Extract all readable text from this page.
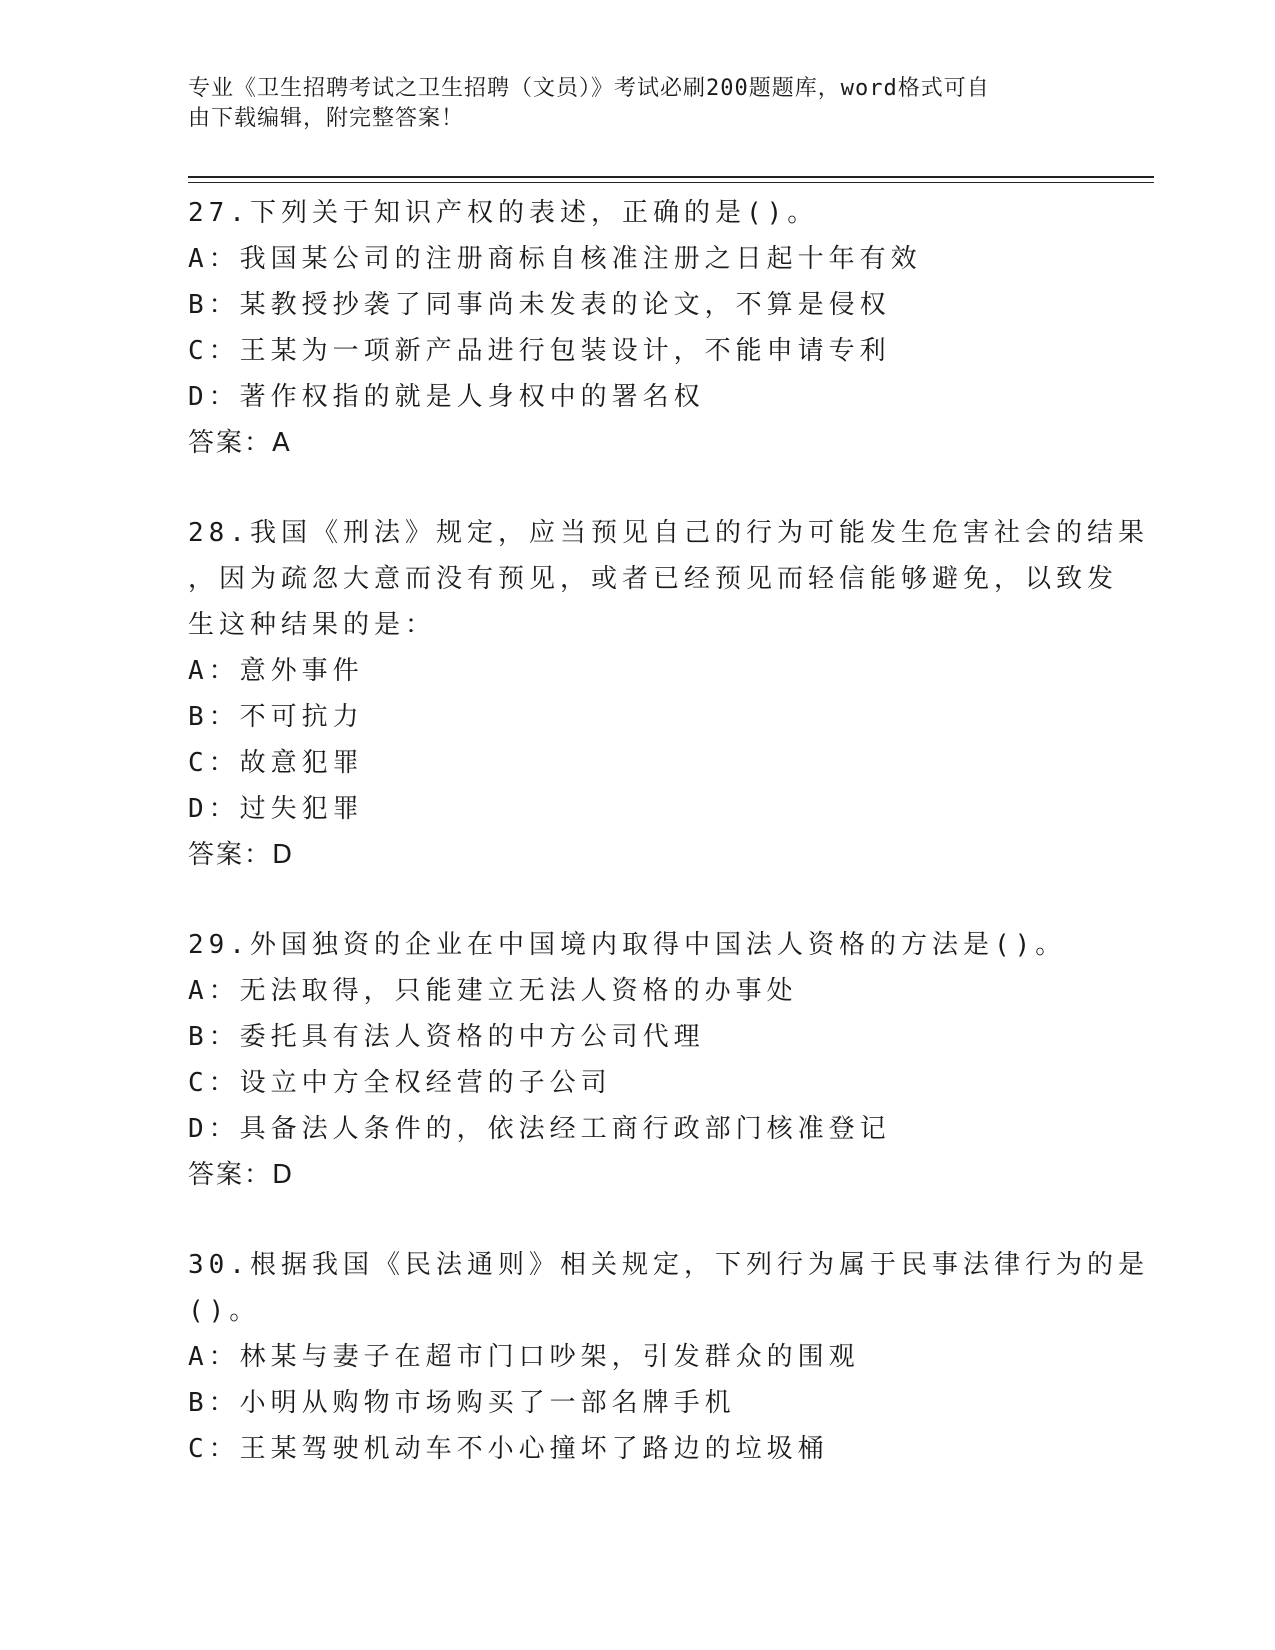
专业《卫生招聘考试之卫生招聘（文员）》考试必刷200题题库，word格式可自
由下载编辑，附完整答案！
27.下列关于知识产权的表述，正确的是()。
A：我国某公司的注册商标自核准注册之日起十年有效
B：某教授抄袭了同事尚未发表的论文，不算是侵权
C：王某为一项新产品进行包装设计，不能申请专利
D：著作权指的就是人身权中的署名权
答案：A
28.我国《刑法》规定，应当预见自己的行为可能发生危害社会的结果
，因为疏忽大意而没有预见，或者已经预见而轻信能够避免，以致发
生这种结果的是：
A：意外事件
B：不可抗力
C：故意犯罪
D：过失犯罪
答案：D
29.外国独资的企业在中国境内取得中国法人资格的方法是()。
A：无法取得，只能建立无法人资格的办事处
B：委托具有法人资格的中方公司代理
C：设立中方全权经营的子公司
D：具备法人条件的，依法经工商行政部门核准登记
答案：D
30.根据我国《民法通则》相关规定，下列行为属于民事法律行为的是
()。
A：林某与妻子在超市门口吵架，引发群众的围观
B：小明从购物市场购买了一部名牌手机
C：王某驾驶机动车不小心撞坏了路边的垃圾桶
